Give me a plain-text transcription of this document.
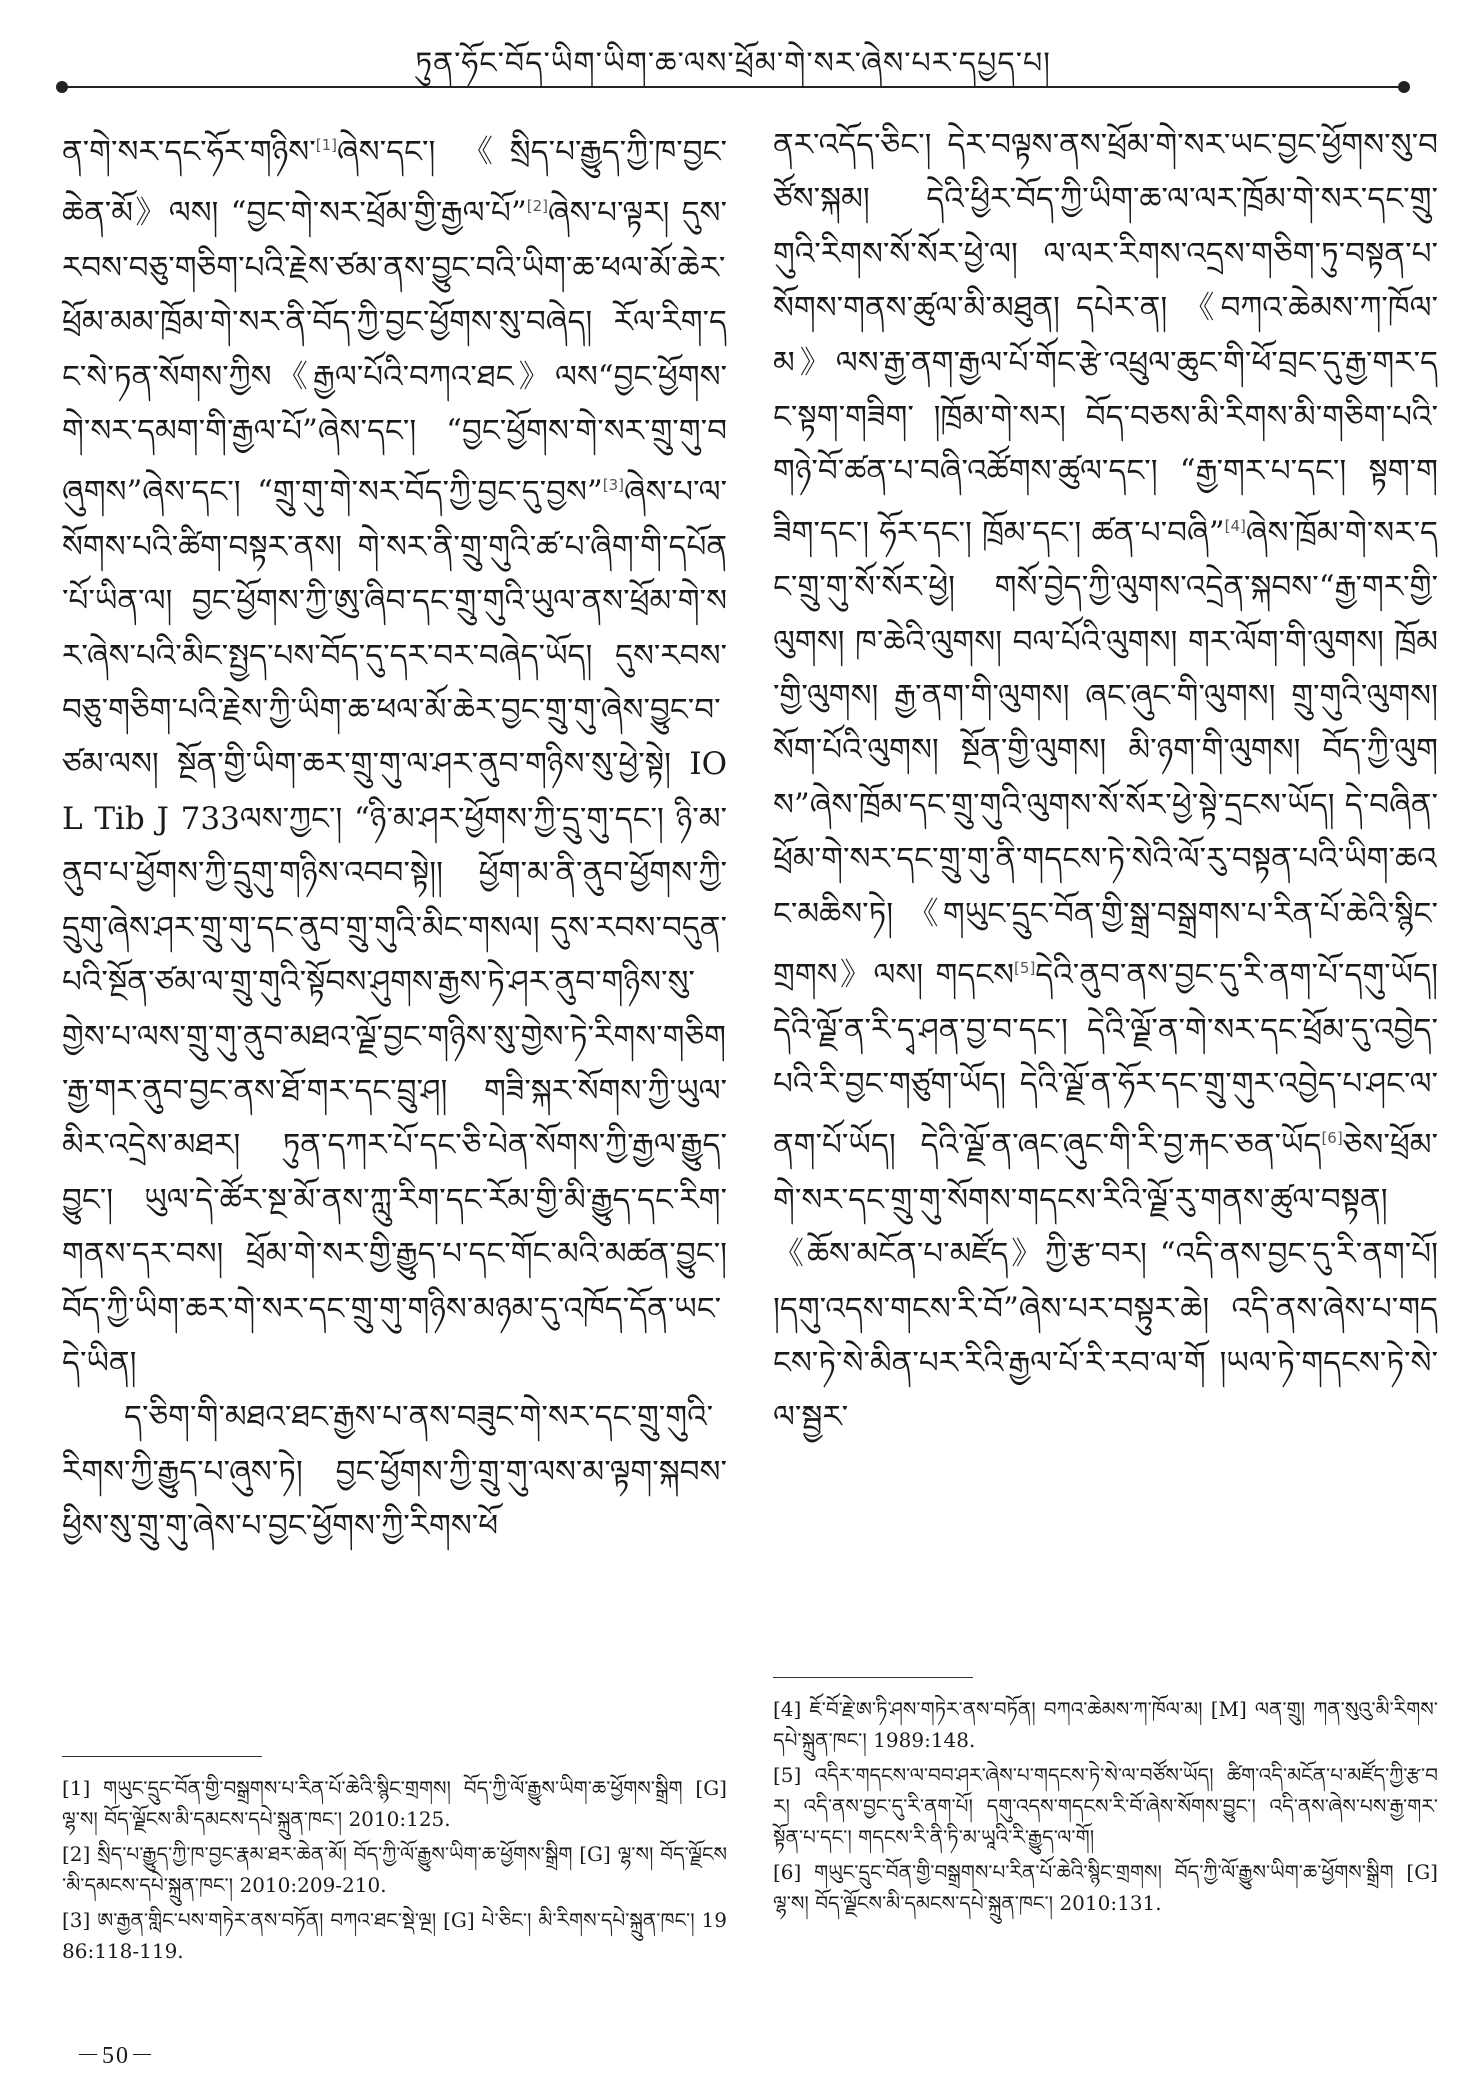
ཏུན་ཧོང་བོད་ཡིག་ཡིག་ཆ་ལས་ཕྲོམ་གེ་སར་ཞེས་པར་དཔྱད་པ།

ན་གེ་སར་དང་ཧོར་གཉིས་[1]ཞེས་དང་། 《སྲིད་པ་རྒྱུད་ཀྱི་ཁ་བྱང་ཆེན་མོ》ལས། “བྱང་གེ་སར་ཕྲོམ་གྱི་རྒྱལ་པོ”[2]ཞེས་པ་ལྟར། དུས་རབས་བཅུ་གཅིག་པའི་རྗེས་ཙམ་ནས་བྱུང་བའི་ཡིག་ཆ་ཕལ་མོ་ཆེར་ཕྲོམ་མམ་ཁྲོམ་གེ་སར་ནི་བོད་ཀྱི་བྱང་ཕྱོགས་སུ་བཞེད། རོལ་རིག་དང་སེ་ཏན་སོགས་ཀྱིས《རྒྱལ་པོའི་བཀའ་ཐང》ལས“བྱང་ཕྱོགས་གེ་སར་དམག་གི་རྒྱལ་པོ”ཞེས་དང་། “བྱང་ཕྱོགས་གེ་སར་གྲུ་གུ་བཞུགས”ཞེས་དང་། “གྲུ་གུ་གེ་སར་བོད་ཀྱི་བྱང་དུ་བྱས”[3]ཞེས་པ་ལ་སོགས་པའི་ཚིག་བསྟར་ནས། གེ་སར་ནི་གྲུ་གུའི་ཚ་པ་ཞིག་གི་དཔོན་པོ་ཡིན་ལ། བྱང་ཕྱོགས་ཀྱི་ཨུ་ཞིབ་དང་གྲུ་གུའི་ཡུལ་ནས་ཕྲོམ་གེ་སར་ཞེས་པའི་མིང་སྤྱད་པས་བོད་དུ་དར་བར་བཞེད་ཡོད། དུས་རབས་བཅུ་གཅིག་པའི་རྗེས་ཀྱི་ཡིག་ཆ་ཕལ་མོ་ཆེར་བྱང་གྲུ་གུ་ཞེས་བྱུང་བ་ཙམ་ལས། སྔོན་གྱི་ཡིག་ཆར་གྲུ་གུ་ལ་ཤར་ནུབ་གཉིས་སུ་ཕྱེ་སྟེ། IOL Tib J 733ལས་ཀྱང་། “ཉི་མ་ཤར་ཕྱོགས་ཀྱི་དྲུ་གུ་དང་། ཉི་མ་ནུབ་པ་ཕྱོགས་ཀྱི་དྲུགུ་གཉིས་འབབ་སྟེ།། ཕྱོག་མ་ནི་ནུབ་ཕྱོགས་ཀྱི་དྲུགུ་ཞེས་ཤར་གྲུ་གུ་དང་ནུབ་གྲུ་གུའི་མིང་གསལ། དུས་རབས་བདུན་པའི་སྔོན་ཙམ་ལ་གྲུ་གུའི་སྟོབས་ཤུགས་རྒྱས་ཏེ་ཤར་ནུབ་གཉིས་སུ་གྱེས་པ་ལས་གྲུ་གུ་ནུབ་མཐའ་ལྗོ་བྱང་གཉིས་སུ་གྱེས་ཏེ་རིགས་གཅིག་རྒྱ་གར་ནུབ་བྱང་ནས་ཐོ་གར་དང་བྲུ་ཤ། གཟི་སྐར་སོགས་ཀྱི་ཡུལ་མིར་འདྲེས་མཐར། ཏུན་དཀར་པོ་དང་ཅི་པེན་སོགས་ཀྱི་རྒྱལ་རྒྱུད་བྱུང་། ཡུལ་དེ་ཚོར་སྔ་མོ་ནས་ཀླུ་རིག་དང་རོམ་གྱི་མི་རྒྱུད་དང་རིག་གནས་དར་བས། ཕྲོམ་གེ་སར་གྱི་རྒྱུད་པ་དང་གོང་མའི་མཚན་བྱུང་། བོད་ཀྱི་ཡིག་ཆར་གེ་སར་དང་གྲུ་གུ་གཉིས་མཉམ་དུ་འཁོད་དོན་ཡང་དེ་ཡིན།

ད་ཅིག་གི་མཐའ་ཐང་རྒྱས་པ་ནས་བཟུང་གེ་སར་དང་གྲུ་གུའི་རིགས་ཀྱི་རྒྱུད་པ་ཞུས་ཏེ། བྱང་ཕྱོགས་ཀྱི་གྲུ་གུ་ལས་མ་ལྟག་སྐབས་ཕྱིས་སུ་གྲུ་གུ་ཞེས་པ་བྱང་ཕྱོགས་ཀྱི་རིགས་ཕོ

ནར་འདོད་ཅིང་། དེར་བལྟས་ནས་ཕྲོམ་གེ་སར་ཡང་བྱང་ཕྱོགས་སུ་བཙོས་སྐམ། དེའི་ཕྱིར་བོད་ཀྱི་ཡིག་ཆ་ལ་ལར་ཁྲོམ་གེ་སར་དང་གྲུ་གུའི་རིགས་སོ་སོར་ཕྱེ་ལ། ལ་ལར་རིགས་འདྲས་གཅིག་ཏུ་བསྟན་པ་སོགས་གནས་ཚུལ་མི་མཐུན། དཔེར་ན། 《བཀའ་ཆེམས་ཀ་ཁོལ་མ》ལས་རྒྱ་ནག་རྒྱལ་པོ་གོང་རྩེ་འཕྲུལ་ཆུང་གི་ཕོ་བྲང་དུ་རྒྱ་གར་དང་སྟག་གཟིག་ །ཁྲོམ་གེ་སར། བོད་བཅས་མི་རིགས་མི་གཅིག་པའི་གཉེ་བོ་ཚན་པ་བཞི་འཚོགས་ཚུལ་དང་། “རྒྱ་གར་པ་དང་། སྟག་གཟིག་དང་། ཧོར་དང་། ཁྲོམ་དང་། ཚན་པ་བཞི”[4]ཞེས་ཁྲོམ་གེ་སར་དང་གྲུ་གུ་སོ་སོར་ཕྱེ། གསོ་བྱེད་ཀྱི་ལུགས་འདྲེན་སྐབས་“རྒྱ་གར་གྱི་ལུགས། ཁ་ཆེའི་ལུགས། བལ་པོའི་ལུགས། གར་ལོག་གི་ལུགས། ཁྲོམ་གྱི་ལུགས། རྒྱ་ནག་གི་ལུགས། ཞང་ཞུང་གི་ལུགས། གྲུ་གུའི་ལུགས། སོག་པོའི་ལུགས། སྔོན་གྱི་ལུགས། མི་ཉག་གི་ལུགས། བོད་ཀྱི་ལུགས”ཞེས་ཁྲོམ་དང་གྲུ་གུའི་ལུགས་སོ་སོར་ཕྱེ་སྟེ་དྲངས་ཡོད། དེ་བཞིན་ཕྲོམ་གེ་སར་དང་གྲུ་གུ་ནི་གདངས་ཏེ་སེའི་ལོ་རུ་བསྟན་པའི་ཡིག་ཆའང་མཆིས་ཏེ། 《གཡུང་དྲུང་བོན་གྱི་སྒྲ་བསྒྲགས་པ་རིན་པོ་ཆེའི་སྙིང་གྲགས》ལས། གདངས[5]དེའི་ནུབ་ནས་བྱང་དུ་རི་ནག་པོ་དགུ་ཡོད། དེའི་ལྗོ་ན་རི་དྭ་ཤན་བྱ་བ་དང་། དེའི་ལྗོ་ན་གེ་སར་དང་ཕྲོམ་དུ་འབྱེད་པའི་རི་བྱང་གཙུག་ཡོད། དེའི་ལྗོ་ན་ཧོར་དང་གྲུ་གུར་འབྱེད་པ་ཤང་ལ་ནག་པོ་ཡོད། དེའི་ལྗོ་ན་ཞང་ཞུང་གི་རི་བྱ་རྐང་ཅན་ཡོད[6]ཅེས་ཕྲོམ་གེ་སར་དང་གྲུ་གུ་སོགས་གདངས་རིའི་ལྗོ་རུ་གནས་ཚུལ་བསྟན། 《ཆོས་མངོན་པ་མཛོད》ཀྱི་རྩ་བར། “འདི་ནས་བྱང་དུ་རི་ནག་པོ། །དགུ་འདས་གངས་རི་བོ”ཞེས་པར་བསྟུར་ཆེ། འདི་ནས་ཞེས་པ་གདངས་ཏེ་སེ་མིན་པར་རིའི་རྒྱལ་པོ་རི་རབ་ལ་གོ །ཡལ་ཏེ་གདངས་ཏེ་སེ་ལ་སྦྱར་

[1] གཡུང་དྲུང་བོན་གྱི་བསྒྲགས་པ་རིན་པོ་ཆེའི་སྙིང་གྲགས། བོད་ཀྱི་ལོ་རྒྱུས་ཡིག་ཆ་ཕྱོགས་སྒྲིག [G] ལྷ་ས། བོད་ལྗོངས་མི་དམངས་དཔེ་སྐྲུན་ཁང་། 2010:125.

[2] སྲིད་པ་རྒྱུད་ཀྱི་ཁ་བྱང་རྣམ་ཐར་ཆེན་མོ། བོད་ཀྱི་ལོ་རྒྱུས་ཡིག་ཆ་ཕྱོགས་སྒྲིག [G] ལྷ་ས། བོད་ལྗོངས་མི་དམངས་དཔེ་སྐྲུན་ཁང་། 2010:209-210.

[3] ཨ་རྒྱན་གླིང་པས་གཏེར་ནས་བཏོན། བཀའ་ཐང་སྡེ་ལྔ། [G] པེ་ཅིང་། མི་རིགས་དཔེ་སྐྲུན་ཁང་། 1986:118-119.

[4] ཇོ་བོ་རྗེ་ཨ་ཏི་ཤས་གཏེར་ནས་བཏོན། བཀའ་ཆེམས་ཀ་ཁོལ་མ། [M] ལན་གྲུ། ཀན་སུའུ་མི་རིགས་དཔེ་སྐྲུན་ཁང་། 1989:148.

[5] འདིར་གདངས་ལ་བབ་ཤར་ཞེས་པ་གདངས་ཏེ་སེ་ལ་བཙོས་ཡོད། ཚིག་འདི་མངོན་པ་མཛོད་ཀྱི་རྩ་བར། འདི་ནས་བྱང་དུ་རི་ནག་པོ། དགུ་འདས་གདངས་རི་བོ་ཞེས་སོགས་བྱུང་། འདི་ནས་ཞེས་པས་རྒྱ་གར་སྟོན་པ་དང་། གདངས་རི་ནི་ཏི་མ་ཡཱའི་རི་རྒྱུད་ལ་གོ།

[6] གཡུང་དྲུང་བོན་གྱི་བསྒྲགས་པ་རིན་པོ་ཆེའི་སྙིང་གྲགས། བོད་ཀྱི་ལོ་རྒྱུས་ཡིག་ཆ་ཕྱོགས་སྒྲིག [G] ལྷ་ས། བོད་ལྗོངས་མི་དམངས་དཔེ་སྐྲུན་ཁང་། 2010:131.

－50－
